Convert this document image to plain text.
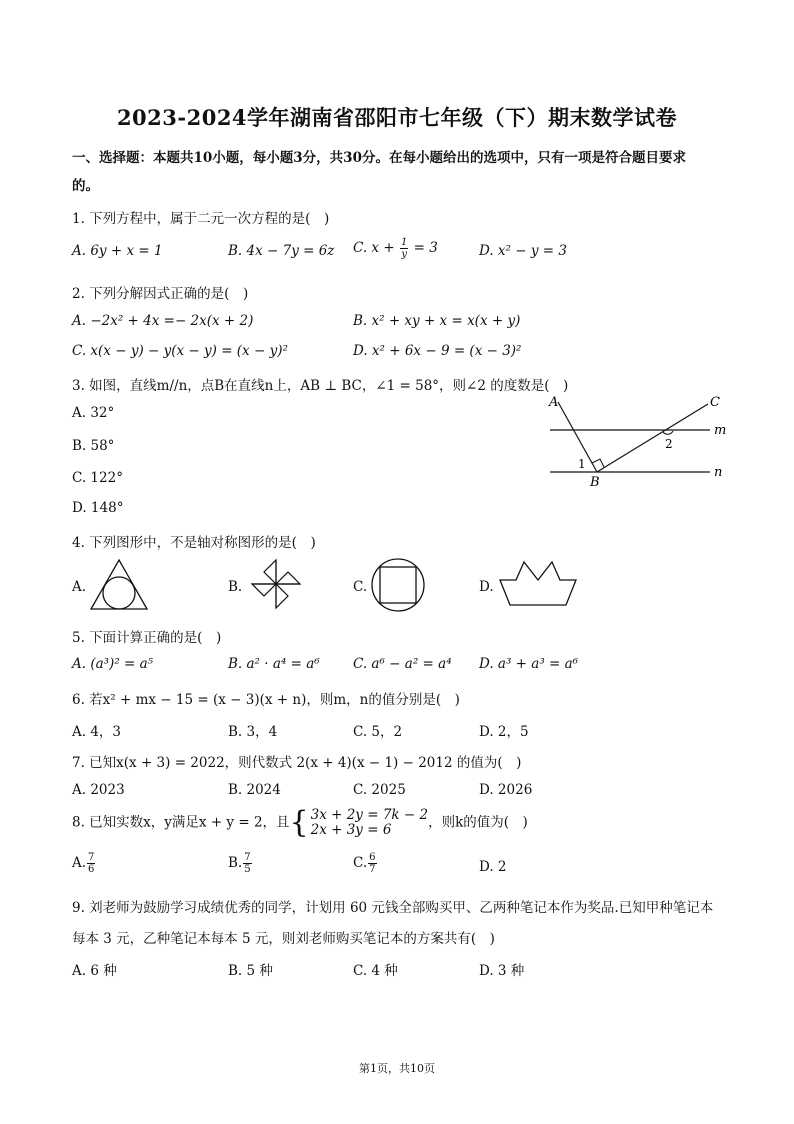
2023-2024学年湖南省邵阳市七年级（下）期末数学试卷
一、选择题：本题共10小题，每小题3分，共30分。在每小题给出的选项中，只有一项是符合题目要求
的。
1. 下列方程中，属于二元一次方程的是(　)
A. 6y + x = 1	B. 4x − 7y = 6z C. $x + \frac{1}{y} = 3$	D. x² − y = 3
2. 下列分解因式正确的是(　)
A. −2x² + 4x =− 2x(x + 2)	B. x² + xy + x = x(x + y)
C. x(x − y) − y(x − y) = (x − y)²	D. x² + 6x − 9 = (x − 3)²
3. 如图，直线m//n，点B在直线n上，AB ⊥ BC，∠1 = 58°，则∠2 的度数是(　)
A. 32°
B. 58°
C. 122°
D. 148°
A	C
m
n
B
1
2
4. 下列图形中，不是轴对称图形的是(　)
A.	B.	C.	D.
5. 下面计算正确的是(　)
A. (a³)² = a⁵	B. a² · a⁴ = a⁶ C. a⁶ − a² = a⁴ D. a³ + a³ = a⁶
6. 若x² + mx − 15 = (x − 3)(x + n)，则m，n的值分别是(　)
A. 4，3	B. 3，4	C. 5，2	D. 2，5
7. 已知x(x + 3) = 2022，则代数式 2(x + 4)(x − 1) − 2012 的值为(　)
A. 2023	B. 2024	C. 2025	D. 2026
8. 已知实数x，y满足x + y = 2，且{ 3x + 2y = 7k − 2
2x + 3y = 6	，则k的值为(　)
A. $\frac{7}{6}$	B. $\frac{7}{5}$	C. $\frac{6}{7}$	D. 2
9. 刘老师为鼓励学习成绩优秀的同学，计划用 60 元钱全部购买甲、乙两种笔记本作为奖品.已知甲种笔记本
每本 3 元，乙种笔记本每本 5 元，则刘老师购买笔记本的方案共有(　)
A. 6 种	B. 5 种	C. 4 种	D. 3 种
第1页，共10页
